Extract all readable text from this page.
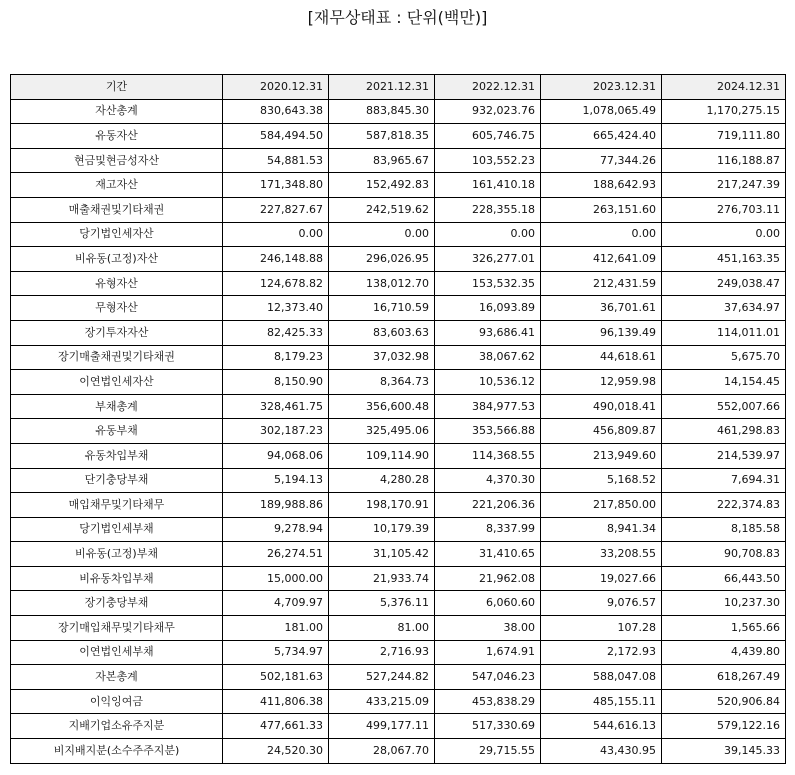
[재무상태표 : 단위(백만)]
기간	2020.12.31	2021.12.31	2022.12.31	2023.12.31	2024.12.31
자산총계	830,643.38	883,845.30	932,023.76	1,078,065.49	1,170,275.15
유동자산	584,494.50	587,818.35	605,746.75	665,424.40	719,111.80
현금및현금성자산	54,881.53	83,965.67	103,552.23	77,344.26	116,188.87
재고자산	171,348.80	152,492.83	161,410.18	188,642.93	217,247.39
매출채권및기타채권	227,827.67	242,519.62	228,355.18	263,151.60	276,703.11
당기법인세자산	0.00	0.00	0.00	0.00	0.00
비유동(고정)자산	246,148.88	296,026.95	326,277.01	412,641.09	451,163.35
유형자산	124,678.82	138,012.70	153,532.35	212,431.59	249,038.47
무형자산	12,373.40	16,710.59	16,093.89	36,701.61	37,634.97
장기투자자산	82,425.33	83,603.63	93,686.41	96,139.49	114,011.01
장기매출채권및기타채권	8,179.23	37,032.98	38,067.62	44,618.61	5,675.70
이연법인세자산	8,150.90	8,364.73	10,536.12	12,959.98	14,154.45
부채총계	328,461.75	356,600.48	384,977.53	490,018.41	552,007.66
유동부채	302,187.23	325,495.06	353,566.88	456,809.87	461,298.83
유동차입부채	94,068.06	109,114.90	114,368.55	213,949.60	214,539.97
단기충당부채	5,194.13	4,280.28	4,370.30	5,168.52	7,694.31
매입채무및기타채무	189,988.86	198,170.91	221,206.36	217,850.00	222,374.83
당기법인세부채	9,278.94	10,179.39	8,337.99	8,941.34	8,185.58
비유동(고정)부채	26,274.51	31,105.42	31,410.65	33,208.55	90,708.83
비유동차입부채	15,000.00	21,933.74	21,962.08	19,027.66	66,443.50
장기충당부채	4,709.97	5,376.11	6,060.60	9,076.57	10,237.30
장기매입채무및기타채무	181.00	81.00	38.00	107.28	1,565.66
이연법인세부채	5,734.97	2,716.93	1,674.91	2,172.93	4,439.80
자본총계	502,181.63	527,244.82	547,046.23	588,047.08	618,267.49
이익잉여금	411,806.38	433,215.09	453,838.29	485,155.11	520,906.84
지배기업소유주지분	477,661.33	499,177.11	517,330.69	544,616.13	579,122.16
비지배지분(소수주주지분)	24,520.30	28,067.70	29,715.55	43,430.95	39,145.33
